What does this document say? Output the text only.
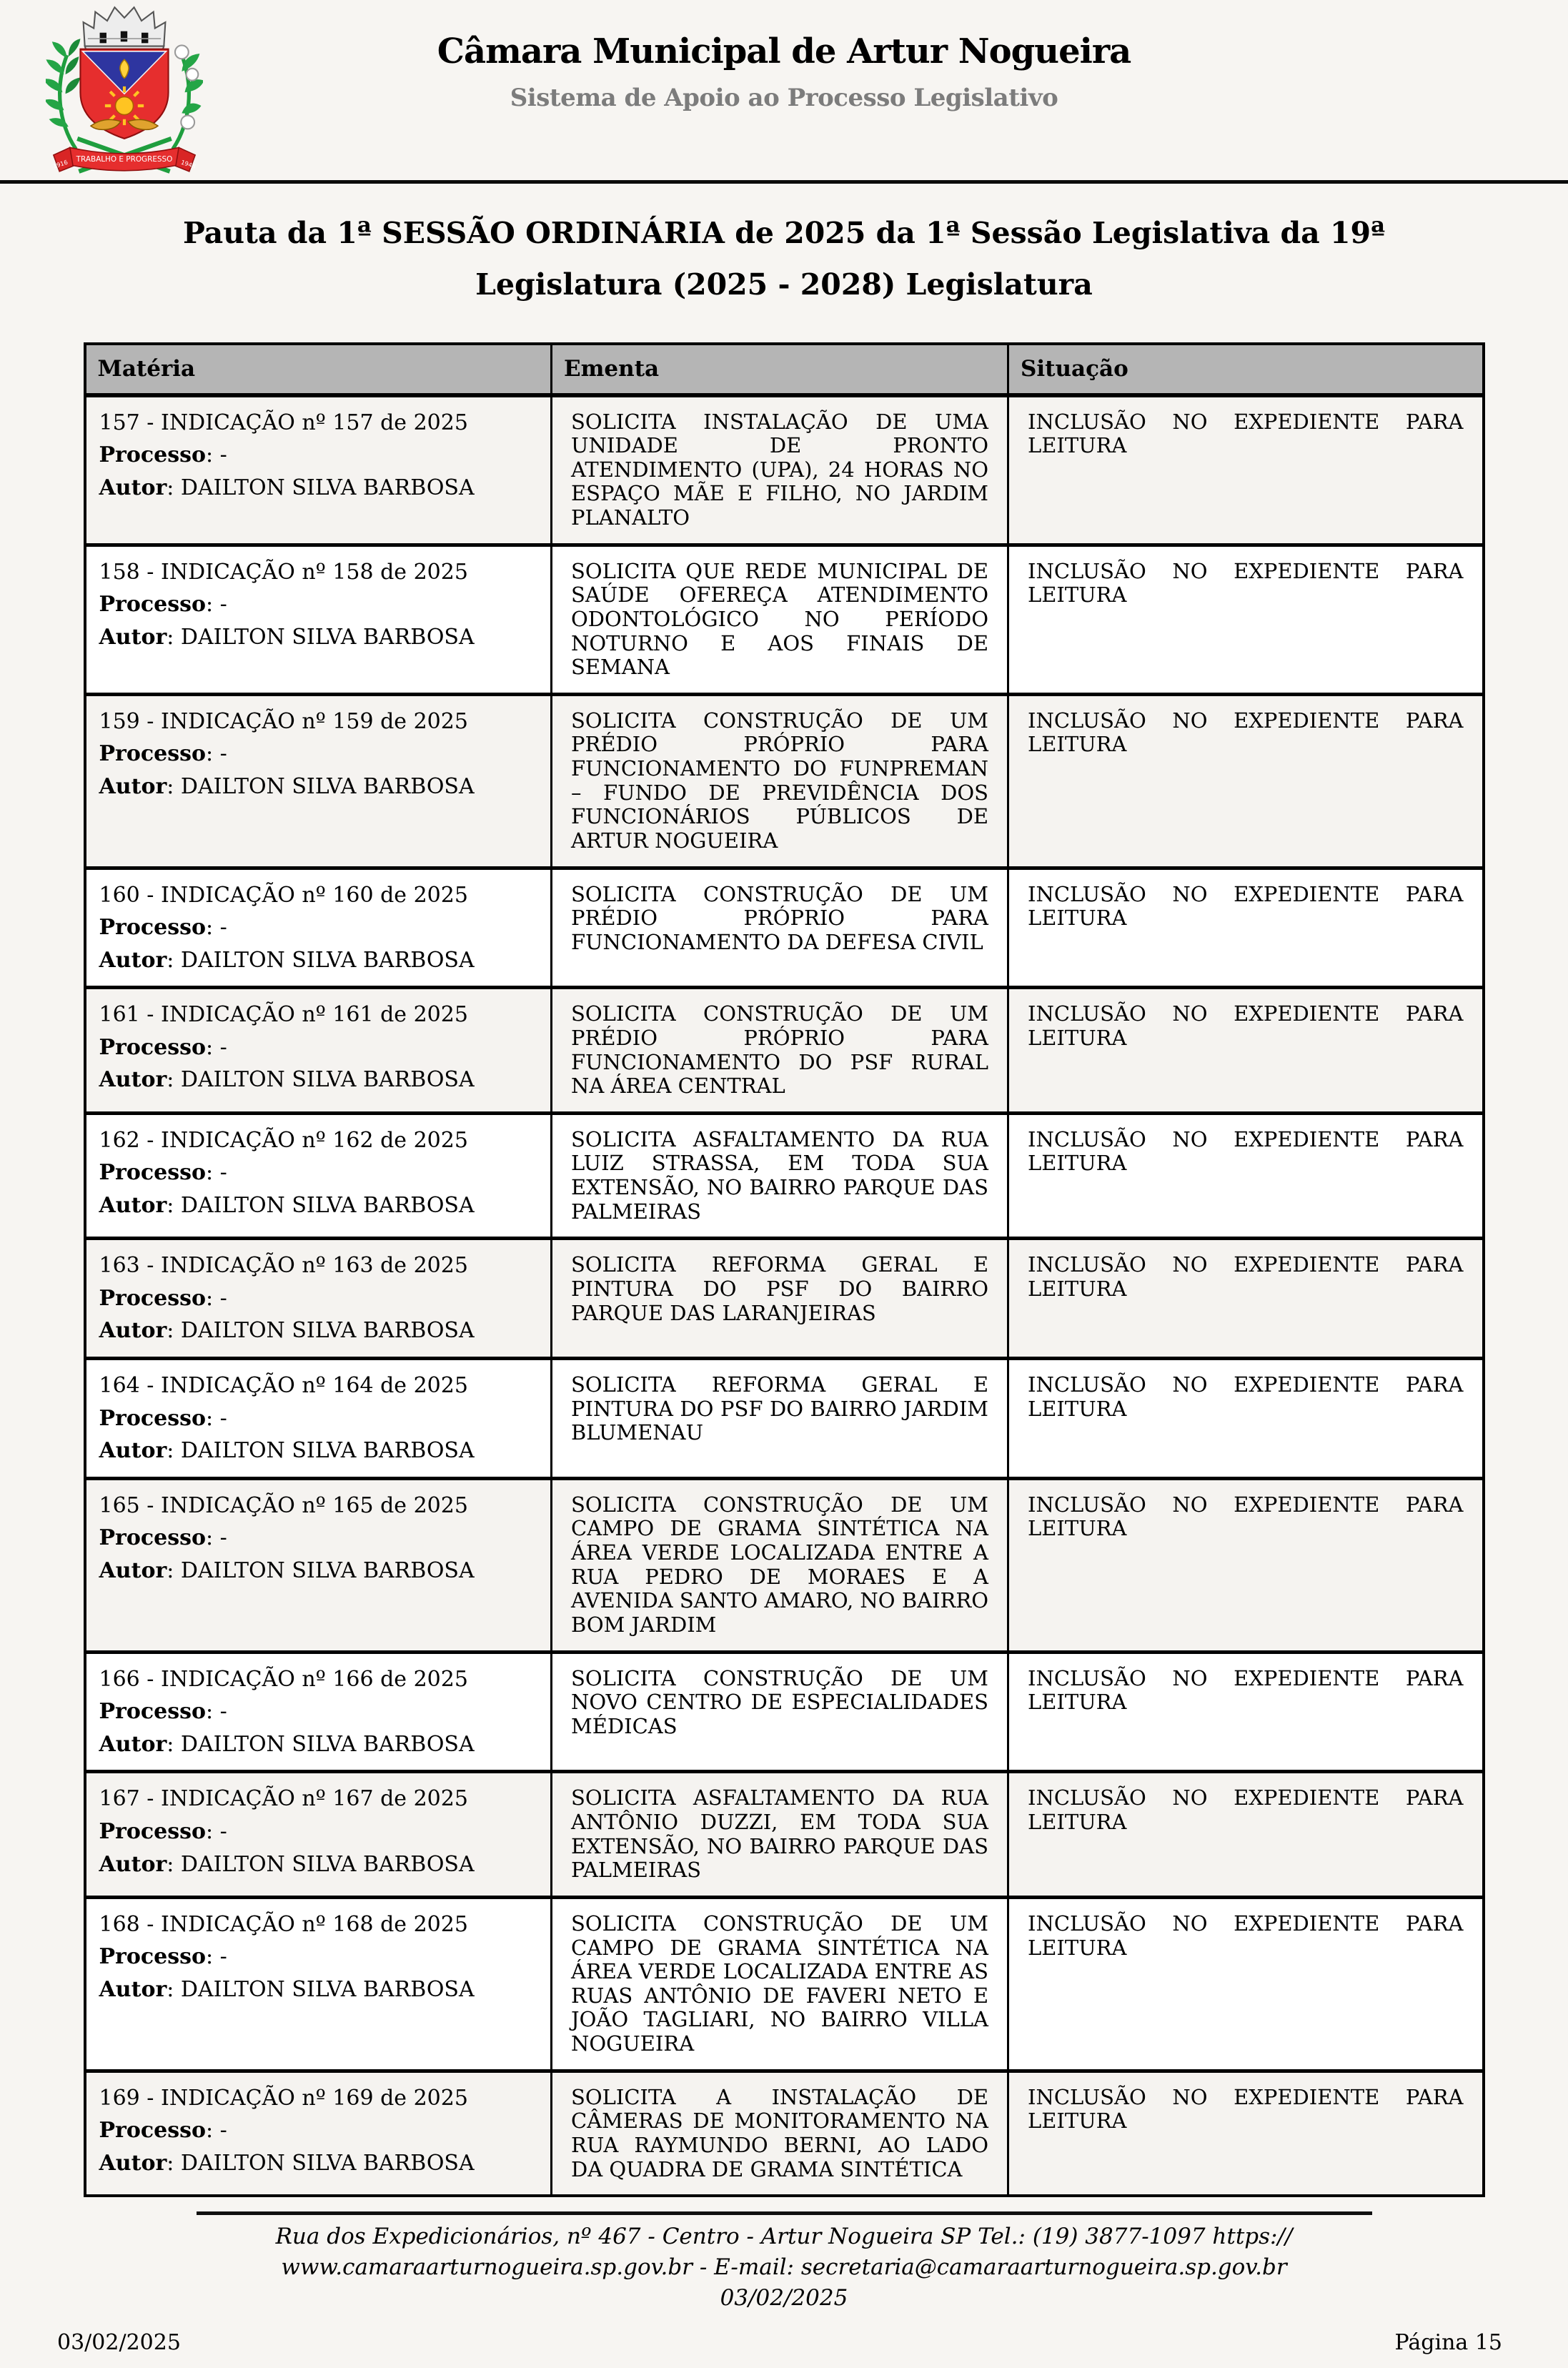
TRABALHO E PROGRESSO
1916	1948
Câmara Municipal de Artur Nogueira
Sistema de Apoio ao Processo Legislativo
Pauta da 1ª SESSÃO ORDINÁRIA de 2025 da 1ª Sessão Legislativa da 19ª
Legislatura (2025 - 2028) Legislatura
Matéria	Ementa	Situação

157 - INDICAÇÃO nº 157 de 2025
Processo: -
Autor: DAILTON SILVA BARBOSA	SOLICITA INSTALAÇÃO DE UMA UNIDADE DE PRONTO ATENDIMENTO (UPA), 24 HORAS NO ESPAÇO MÃE E FILHO, NO JARDIM PLANALTO	INCLUSÃO NO EXPEDIENTE PARA LEITURA

158 - INDICAÇÃO nº 158 de 2025
Processo: -
Autor: DAILTON SILVA BARBOSA	SOLICITA QUE REDE MUNICIPAL DE SAÚDE OFEREÇA ATENDIMENTO ODONTOLÓGICO NO PERÍODO NOTURNO E AOS FINAIS DE SEMANA	INCLUSÃO NO EXPEDIENTE PARA LEITURA

159 - INDICAÇÃO nº 159 de 2025
Processo: -
Autor: DAILTON SILVA BARBOSA	SOLICITA CONSTRUÇÃO DE UM PRÉDIO PRÓPRIO PARA FUNCIONAMENTO DO FUNPREMAN – FUNDO DE PREVIDÊNCIA DOS FUNCIONÁRIOS PÚBLICOS DE ARTUR NOGUEIRA	INCLUSÃO NO EXPEDIENTE PARA LEITURA

160 - INDICAÇÃO nº 160 de 2025
Processo: -
Autor: DAILTON SILVA BARBOSA	SOLICITA CONSTRUÇÃO DE UM PRÉDIO PRÓPRIO PARA FUNCIONAMENTO DA DEFESA CIVIL	INCLUSÃO NO EXPEDIENTE PARA LEITURA

161 - INDICAÇÃO nº 161 de 2025
Processo: -
Autor: DAILTON SILVA BARBOSA	SOLICITA CONSTRUÇÃO DE UM PRÉDIO PRÓPRIO PARA FUNCIONAMENTO DO PSF RURAL NA ÁREA CENTRAL	INCLUSÃO NO EXPEDIENTE PARA LEITURA

162 - INDICAÇÃO nº 162 de 2025
Processo: -
Autor: DAILTON SILVA BARBOSA	SOLICITA ASFALTAMENTO DA RUA LUIZ STRASSA, EM TODA SUA EXTENSÃO, NO BAIRRO PARQUE DAS PALMEIRAS	INCLUSÃO NO EXPEDIENTE PARA LEITURA

163 - INDICAÇÃO nº 163 de 2025
Processo: -
Autor: DAILTON SILVA BARBOSA	SOLICITA REFORMA GERAL E PINTURA DO PSF DO BAIRRO PARQUE DAS LARANJEIRAS	INCLUSÃO NO EXPEDIENTE PARA LEITURA

164 - INDICAÇÃO nº 164 de 2025
Processo: -
Autor: DAILTON SILVA BARBOSA	SOLICITA REFORMA GERAL E PINTURA DO PSF DO BAIRRO JARDIM BLUMENAU	INCLUSÃO NO EXPEDIENTE PARA LEITURA

165 - INDICAÇÃO nº 165 de 2025
Processo: -
Autor: DAILTON SILVA BARBOSA	SOLICITA CONSTRUÇÃO DE UM CAMPO DE GRAMA SINTÉTICA NA ÁREA VERDE LOCALIZADA ENTRE A RUA PEDRO DE MORAES E A AVENIDA SANTO AMARO, NO BAIRRO BOM JARDIM	INCLUSÃO NO EXPEDIENTE PARA LEITURA

166 - INDICAÇÃO nº 166 de 2025
Processo: -
Autor: DAILTON SILVA BARBOSA	SOLICITA CONSTRUÇÃO DE UM NOVO CENTRO DE ESPECIALIDADES MÉDICAS	INCLUSÃO NO EXPEDIENTE PARA LEITURA

167 - INDICAÇÃO nº 167 de 2025
Processo: -
Autor: DAILTON SILVA BARBOSA	SOLICITA ASFALTAMENTO DA RUA ANTÔNIO DUZZI, EM TODA SUA EXTENSÃO, NO BAIRRO PARQUE DAS PALMEIRAS	INCLUSÃO NO EXPEDIENTE PARA LEITURA

168 - INDICAÇÃO nº 168 de 2025
Processo: -
Autor: DAILTON SILVA BARBOSA	SOLICITA CONSTRUÇÃO DE UM CAMPO DE GRAMA SINTÉTICA NA ÁREA VERDE LOCALIZADA ENTRE AS RUAS ANTÔNIO DE FAVERI NETO E JOÃO TAGLIARI, NO BAIRRO VILLA NOGUEIRA	INCLUSÃO NO EXPEDIENTE PARA LEITURA

169 - INDICAÇÃO nº 169 de 2025
Processo: -
Autor: DAILTON SILVA BARBOSA	SOLICITA A INSTALAÇÃO DE CÂMERAS DE MONITORAMENTO NA RUA RAYMUNDO BERNI, AO LADO DA QUADRA DE GRAMA SINTÉTICA	INCLUSÃO NO EXPEDIENTE PARA LEITURA
Rua dos Expedicionários, nº 467 - Centro - Artur Nogueira SP Tel.: (19) 3877-1097 https://
www.camaraarturnogueira.sp.gov.br - E-mail: secretaria@camaraarturnogueira.sp.gov.br
03/02/2025
03/02/2025	Página 15
